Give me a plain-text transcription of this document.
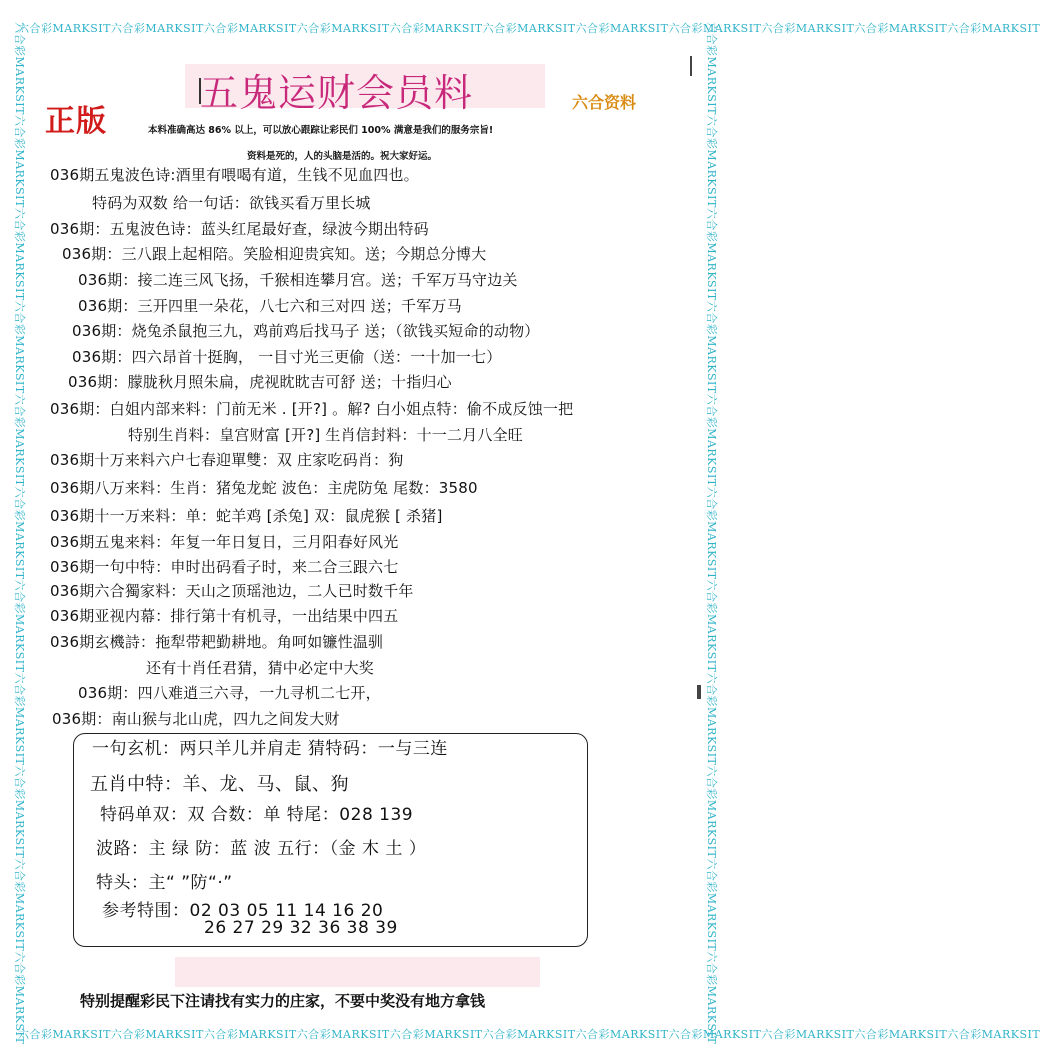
六合彩MARKSIT六合彩MARKSIT六合彩MARKSIT六合彩MARKSIT六合彩MARKSIT六合彩MARKSIT六合彩MARKSIT六合彩MARKSIT六合彩MARKSIT六合彩MARKSIT六合彩MARKSIT
六合彩MARKSIT六合彩MARKSIT六合彩MARKSIT六合彩MARKSIT六合彩MARKSIT六合彩MARKSIT六合彩MARKSIT六合彩MARKSIT六合彩MARKSIT六合彩MARKSIT六合彩MARKSIT
六合彩MARKSIT六合彩MARKSIT六合彩MARKSIT六合彩MARKSIT六合彩MARKSIT六合彩MARKSIT六合彩MARKSIT六合彩MARKSIT六合彩MARKSIT六合彩MARKSIT六合彩MARKSIT	六合彩MARKSIT六合彩MARKSIT六合彩MARKSIT六合彩MARKSIT六合彩MARKSIT六合彩MARKSIT六合彩MARKSIT六合彩MARKSIT六合彩MARKSIT六合彩MARKSIT六合彩MARKSIT
正版
五鬼运财会员料	六合资料
本料准确高达 86% 以上，可以放心跟踪让彩民们 100% 满意是我们的服务宗旨!
资料是死的，人的头脑是活的。祝大家好运。
036期五鬼波色诗:酒里有喂喝有道，生钱不见血四也。
特码为双数 给一句话：欲钱买看万里长城
036期：五鬼波色诗：蓝头红尾最好查，绿波今期出特码
036期：三八跟上起相陪。笑脸相迎贵宾知。送；今期总分博大
036期：接二连三风飞扬，千猴相连攀月宫。送；千军万马守边关
036期：三开四里一朵花，八七六和三对四 送；千军万马
036期：烧兔杀鼠抱三九，鸡前鸡后找马子 送；（欲钱买短命的动物）
036期：四六昂首十挺胸， 一目寸光三更偷（送：一十加一七）
036期：朦胧秋月照朱扁，虎视眈眈吉可舒 送；十指归心
036期：白姐内部来料：门前无米 . [开?] 。解? 白小姐点特：偷不成反蚀一把
特别生肖料：皇宫财富 [开?] 生肖信封料：十一二月八全旺
036期十万来料六户七春迎單雙：双 庄家吃码肖：狗
036期八万来料：生肖：猪兔龙蛇 波色：主虎防兔 尾数：3580
036期十一万来料：单：蛇羊鸡 [杀兔] 双：鼠虎猴 [ 杀猪]
036期五鬼来料：年复一年日复日，三月阳春好风光
036期一句中特：申时出码看子时，来二合三跟六七
036期六合獨家料：天山之顶瑶池边，二人已时数千年
036期亚视内幕：排行第十有机寻，一出结果中四五
036期玄機詩：拖犁带耙勤耕地。角呵如镰性温驯
还有十肖任君猜，猜中必定中大奖
036期：四八难逍三六寻，一九寻机二七开，
036期：南山猴与北山虎，四九之间发大财
一句玄机：两只羊儿并肩走 猜特码：一与三连
五肖中特：羊、龙、马、鼠、狗
特码单双：双 合数：单 特尾：028 139
波路：主 绿 防：蓝 波 五行：（金 木 土 ）
特头：主“ ”防“·”
参考特围：02 03 05 11 14 16 20
26 27 29 32 36 38 39
特别提醒彩民下注请找有实力的庄家，不要中奖没有地方拿钱
